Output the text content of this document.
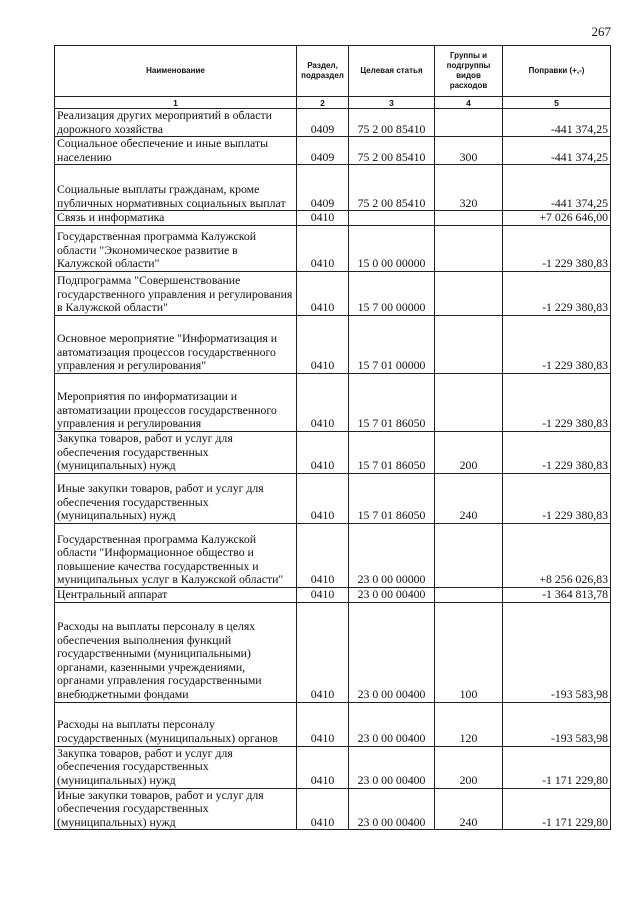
267
Наименование	Раздел, подраздел	Целевая статья	Группы и подгруппы видов расходов	Поправки (+,-)
1	2	3	4	5
Реализация других мероприятий в области дорожного хозяйства	0409	75 2 00 85410		-441 374,25
Социальное обеспечение и иные выплаты населению	0409	75 2 00 85410	300	-441 374,25
Социальные выплаты гражданам, кроме публичных нормативных социальных выплат	0409	75 2 00 85410	320	-441 374,25
Связь и информатика	0410			+7 026 646,00
Государственная программа Калужской области "Экономическое развитие в Калужской области"	0410	15 0 00 00000		-1 229 380,83
Подпрограмма "Совершенствование государственного управления и регулирования в Калужской области"	0410	15 7 00 00000		-1 229 380,83
Основное мероприятие "Информатизация и автоматизация процессов государственного управления и регулирования"	0410	15 7 01 00000		-1 229 380,83
Мероприятия по информатизации и автоматизации процессов государственного управления и регулирования	0410	15 7 01 86050		-1 229 380,83
Закупка товаров, работ и услуг для обеспечения государственных (муниципальных) нужд	0410	15 7 01 86050	200	-1 229 380,83
Иные закупки товаров, работ и услуг для обеспечения государственных (муниципальных) нужд	0410	15 7 01 86050	240	-1 229 380,83
Государственная программа Калужской области "Информационное общество и повышение качества государственных и муниципальных услуг в Калужской области"	0410	23 0 00 00000		+8 256 026,83
Центральный аппарат	0410	23 0 00 00400		-1 364 813,78
Расходы на выплаты персоналу в целях обеспечения выполнения функций государственными (муниципальными) органами, казенными учреждениями, органами управления государственными внебюджетными фондами	0410	23 0 00 00400	100	-193 583,98
Расходы на выплаты персоналу государственных (муниципальных) органов	0410	23 0 00 00400	120	-193 583,98
Закупка товаров, работ и услуг для обеспечения государственных (муниципальных) нужд	0410	23 0 00 00400	200	-1 171 229,80
Иные закупки товаров, работ и услуг для обеспечения государственных (муниципальных) нужд	0410	23 0 00 00400	240	-1 171 229,80
